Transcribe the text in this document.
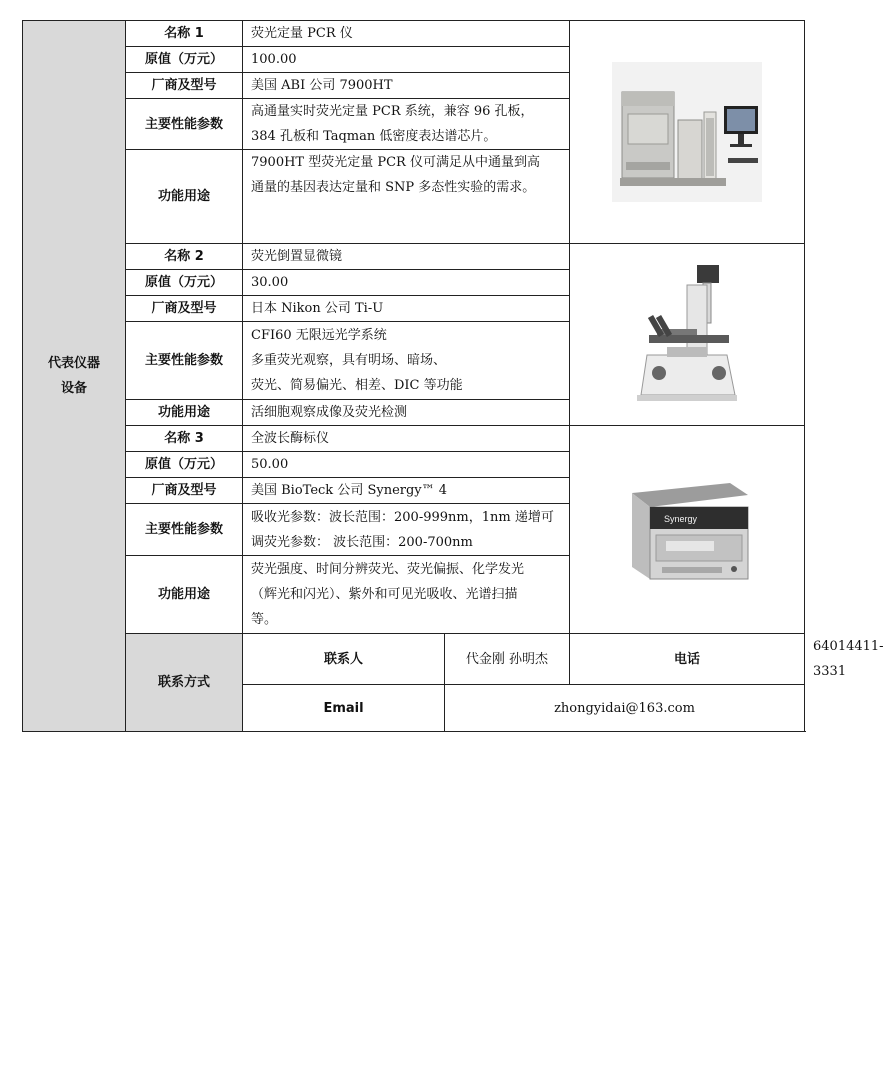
代表仪器
设备	名称 1	荧光定量 PCR 仪	

	原值（万元）	100.00			
	厂商及型号	美国 ABI 公司 7900HT			
	主要性能参数	高通量实时荧光定量 PCR 系统，兼容 96 孔板，
384 孔板和 Taqman 低密度表达谱芯片。			

	功能用途	7900HT 型荧光定量 PCR 仪可满足从中通量到高
通量的基因表达定量和 SNP 多态性实验的需求。			

	名称 2	荧光倒置显微镜	

	原值（万元）	30.00			
	厂商及型号	日本 Nikon 公司 Ti-U			
	主要性能参数	CFI60 无限远光学系统
多重荧光观察，具有明场、暗场、
荧光、简易偏光、相差、DIC 等功能			

	功能用途	活细胞观察成像及荧光检测			
	名称 3	全波长酶标仪		Synergy	

	原值（万元）	50.00			
	厂商及型号	美国 BioTeck 公司 Synergy™ 4			
	主要性能参数	吸收光参数：波长范围：200-999nm，1nm 递增可
调荧光参数： 波长范围：200-700nm			

	功能用途	荧光强度、时间分辨荧光、荧光偏振、化学发光
（辉光和闪光）、紫外和可见光吸收、光谱扫描
等。			

	联系方式	联系人	代金刚 孙明杰	电话	64014411-3331
		Email	zhongyidai@163.com		
